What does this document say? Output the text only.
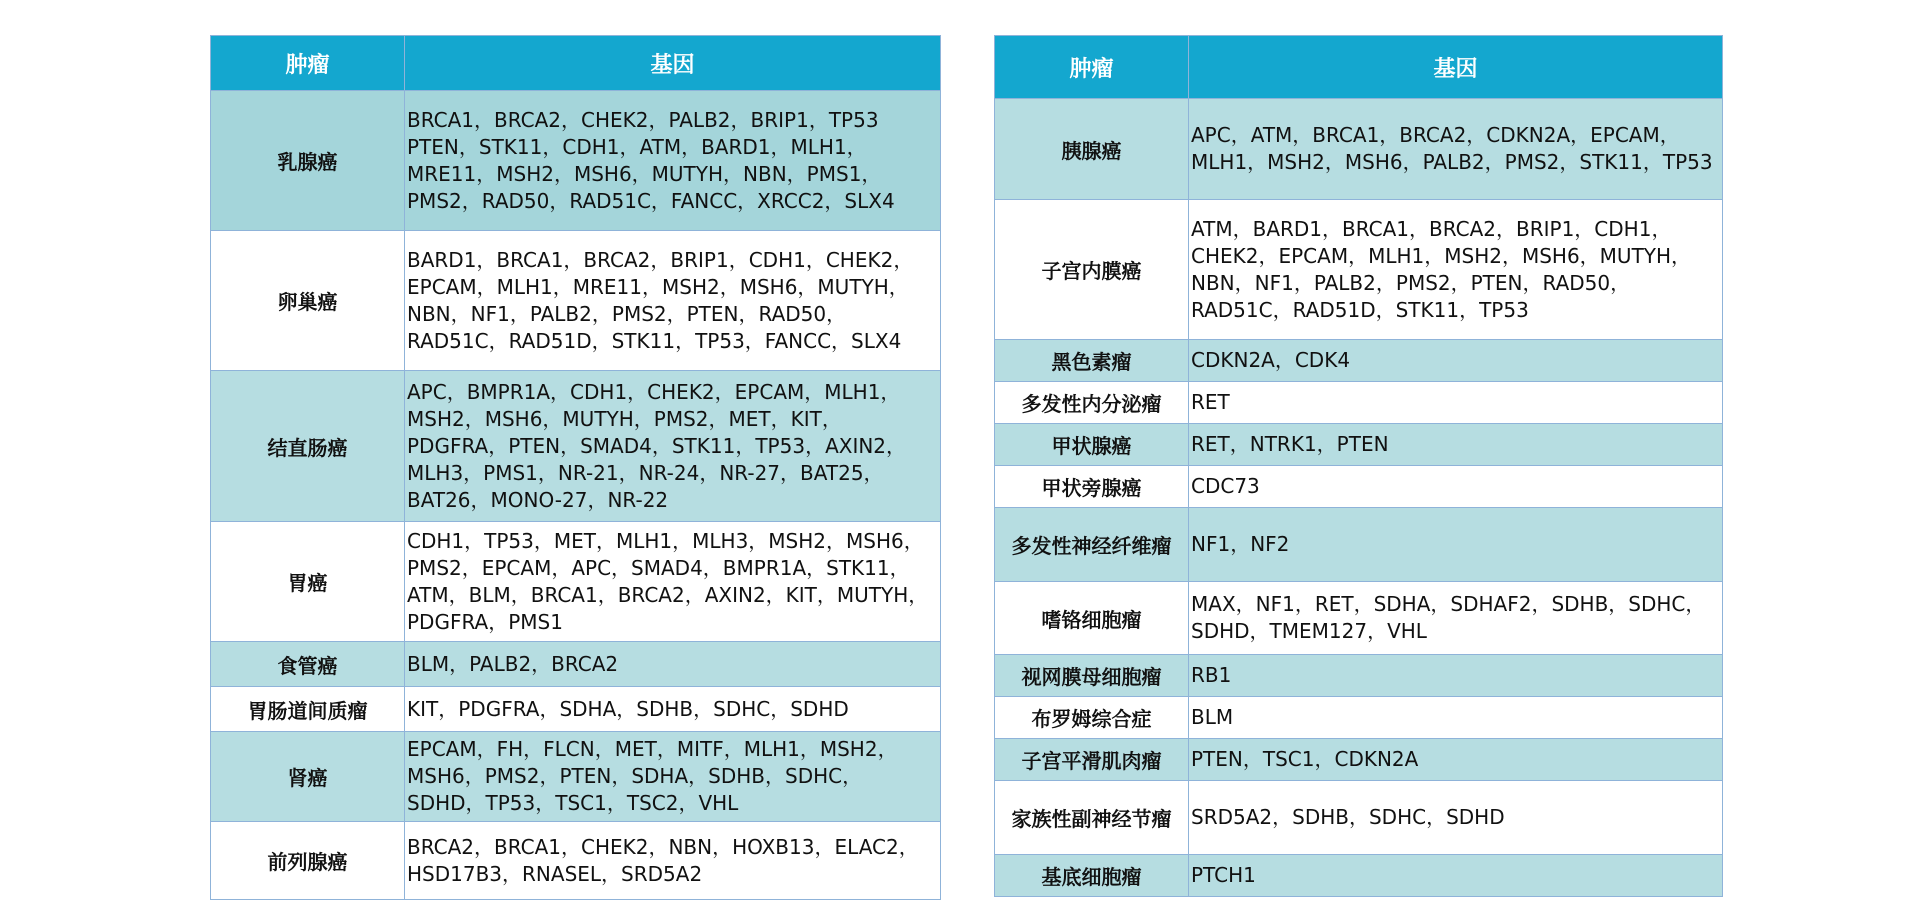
肿瘤	基因
乳腺癌	BRCA1，BRCA2，CHEK2，PALB2，BRIP1，TP53 PTEN，STK11，CDH1，ATM，BARD1，MLH1，MRE11，MSH2，MSH6，MUTYH，NBN，PMS1，PMS2，RAD50，RAD51C，FANCC，XRCC2，SLX4
卵巢癌	BARD1，BRCA1，BRCA2，BRIP1，CDH1，CHEK2，EPCAM，MLH1，MRE11，MSH2，MSH6，MUTYH，NBN，NF1，PALB2，PMS2，PTEN，RAD50，RAD51C，RAD51D，STK11，TP53，FANCC，SLX4
结直肠癌	APC，BMPR1A，CDH1，CHEK2，EPCAM，MLH1，MSH2，MSH6，MUTYH，PMS2，MET，KIT，PDGFRA，PTEN，SMAD4，STK11，TP53，AXIN2，MLH3，PMS1，NR-21，NR-24，NR-27，BAT25，BAT26，MONO-27，NR-22
胃癌	CDH1，TP53，MET，MLH1，MLH3，MSH2，MSH6，PMS2，EPCAM，APC，SMAD4，BMPR1A，STK11，ATM，BLM，BRCA1，BRCA2，AXIN2，KIT，MUTYH，PDGFRA，PMS1
食管癌	BLM，PALB2，BRCA2
胃肠道间质瘤	KIT，PDGFRA，SDHA，SDHB，SDHC，SDHD
肾癌	EPCAM，FH，FLCN，MET，MITF，MLH1，MSH2，MSH6，PMS2，PTEN，SDHA，SDHB，SDHC，SDHD，TP53，TSC1，TSC2，VHL
前列腺癌	BRCA2，BRCA1，CHEK2，NBN，HOXB13，ELAC2，HSD17B3，RNASEL，SRD5A2
肿瘤	基因
胰腺癌	APC，ATM，BRCA1，BRCA2，CDKN2A，EPCAM，MLH1，MSH2，MSH6，PALB2，PMS2，STK11，TP53
子宫内膜癌	ATM，BARD1，BRCA1，BRCA2，BRIP1，CDH1，CHEK2，EPCAM，MLH1，MSH2，MSH6，MUTYH，NBN，NF1，PALB2，PMS2，PTEN，RAD50，RAD51C，RAD51D，STK11，TP53
黑色素瘤	CDKN2A，CDK4
多发性内分泌瘤	RET
甲状腺癌	RET，NTRK1，PTEN
甲状旁腺癌	CDC73
多发性神经纤维瘤	NF1，NF2
嗜铬细胞瘤	MAX，NF1，RET，SDHA，SDHAF2，SDHB，SDHC，SDHD，TMEM127，VHL
视网膜母细胞瘤	RB1
布罗姆综合症	BLM
子宫平滑肌肉瘤	PTEN，TSC1，CDKN2A
家族性副神经节瘤	SRD5A2，SDHB，SDHC，SDHD
基底细胞瘤	PTCH1
